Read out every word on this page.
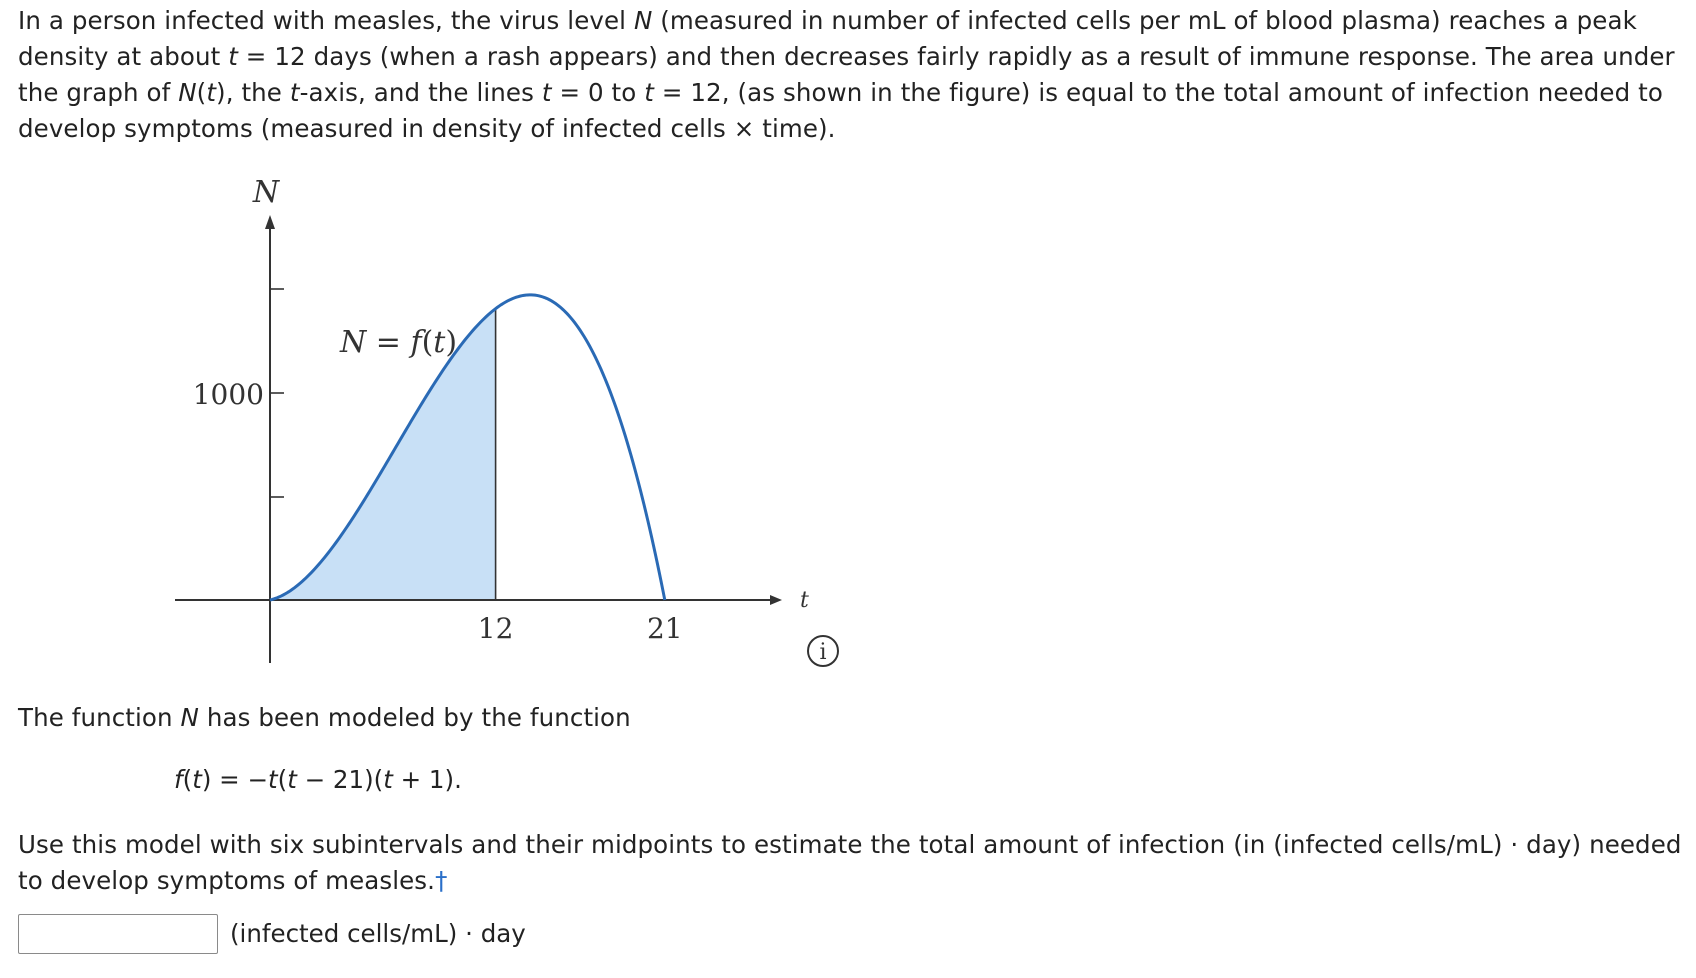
In a person infected with measles, the virus level N (measured in number of infected cells per mL of blood plasma) reaches a peak density at about t = 12 days (when a rash appears) and then decreases fairly rapidly as a result of immune response. The area under the graph of N(t), the t-axis, and the lines t = 0 to t = 12, (as shown in the figure) is equal to the total amount of infection needed to develop symptoms (measured in density of infected cells × time).

N
t
1000
12	21
N = f(t)
i

The function N has been modeled by the function

f(t) = −t(t − 21)(t + 1).

Use this model with six subintervals and their midpoints to estimate the total amount of infection (in (infected cells/mL) · day) needed to develop symptoms of measles.†

(infected cells/mL) · day
